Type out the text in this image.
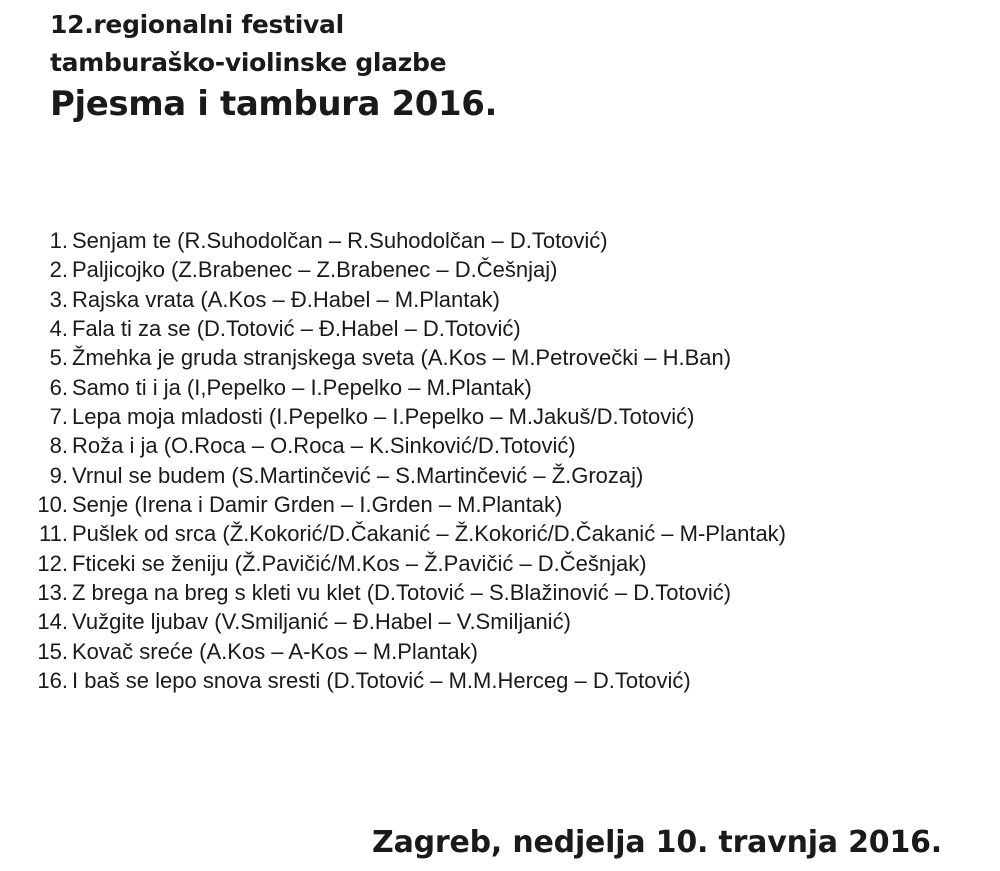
12.regionalni festival

tamburaško-violinske glazbe

Pjesma i tambura 2016.

1. Senjam te (R.Suhodolčan – R.Suhodolčan – D.Totović)
2. Paljicojko (Z.Brabenec – Z.Brabenec – D.Češnjaj)
3. Rajska vrata (A.Kos – Đ.Habel – M.Plantak)
4. Fala ti za se (D.Totović – Đ.Habel – D.Totović)
5. Žmehka je gruda stranjskega sveta (A.Kos – M.Petrovečki – H.Ban)
6. Samo ti i ja (I,Pepelko – I.Pepelko – M.Plantak)
7. Lepa moja mladosti (I.Pepelko – I.Pepelko – M.Jakuš/D.Totović)
8. Roža i ja (O.Roca – O.Roca – K.Sinković/D.Totović)
9. Vrnul se budem (S.Martinčević – S.Martinčević – Ž.Grozaj)
10. Senje (Irena i Damir Grden – I.Grden – M.Plantak)
11. Pušlek od srca (Ž.Kokorić/D.Čakanić – Ž.Kokorić/D.Čakanić – M-Plantak)
12. Fticeki se ženiju (Ž.Pavičić/M.Kos – Ž.Pavičić – D.Češnjak)
13. Z brega na breg s kleti vu klet (D.Totović – S.Blažinović – D.Totović)
14. Vužgite ljubav (V.Smiljanić – Đ.Habel – V.Smiljanić)
15. Kovač sreće (A.Kos – A-Kos – M.Plantak)
16. I baš se lepo snova sresti (D.Totović – M.M.Herceg – D.Totović)
Zagreb, nedjelja 10. travnja 2016.
